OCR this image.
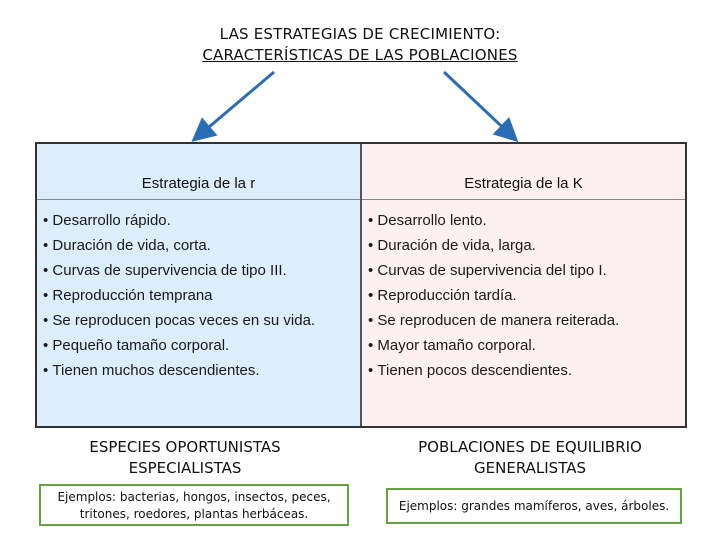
LAS ESTRATEGIAS DE CRECIMIENTO:
CARACTERÍSTICAS DE LAS POBLACIONES
Estrategia de la r
• Desarrollo rápido.
• Duración de vida, corta.
• Curvas de supervivencia de tipo III.
• Reproducción temprana
• Se reproducen pocas veces en su vida.
• Pequeño tamaño corporal.
• Tienen muchos descendientes.
Estrategia de la K
• Desarrollo lento.
• Duración de vida, larga.
• Curvas de supervivencia del tipo I.
• Reproducción tardía.
• Se reproducen de manera reiterada.
• Mayor tamaño corporal.
• Tienen pocos descendientes.
ESPECIES OPORTUNISTAS
ESPECIALISTAS
POBLACIONES DE EQUILIBRIO
GENERALISTAS
Ejemplos: bacterias, hongos, insectos, peces,
tritones, roedores, plantas herbáceas.
Ejemplos: grandes mamíferos, aves, árboles.
